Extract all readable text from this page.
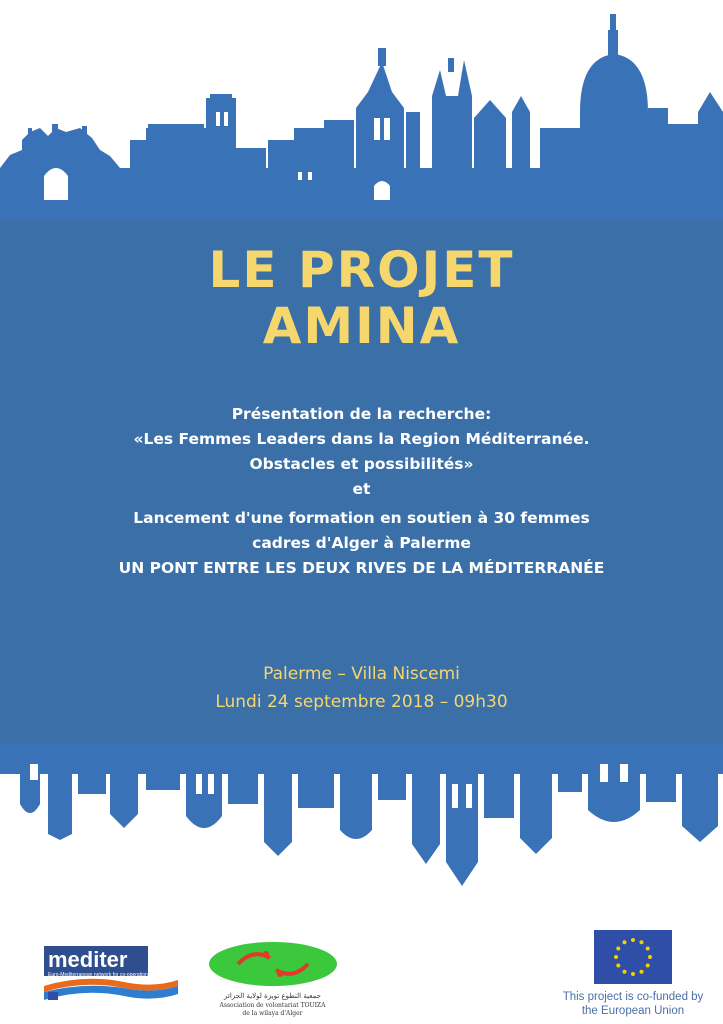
LE PROJET
AMINA
Présentation de la recherche:
«Les Femmes Leaders dans la Region Méditerranée.
Obstacles et possibilités»
et
Lancement d'une formation en soutien à 30 femmes
cadres d'Alger à Palerme
UN PONT ENTRE LES DEUX RIVES DE LA MÉDITERRANÉE
Palerme – Villa Niscemi
Lundi 24 septembre 2018 – 09h30
mediter
Euro-Mediterranean network for co-operation
جمعية التطوع تويزة لولاية الجزائر
Association de volontariat TOUIZA
de la wilaya d'Alger
This project is co-funded by
the European Union
